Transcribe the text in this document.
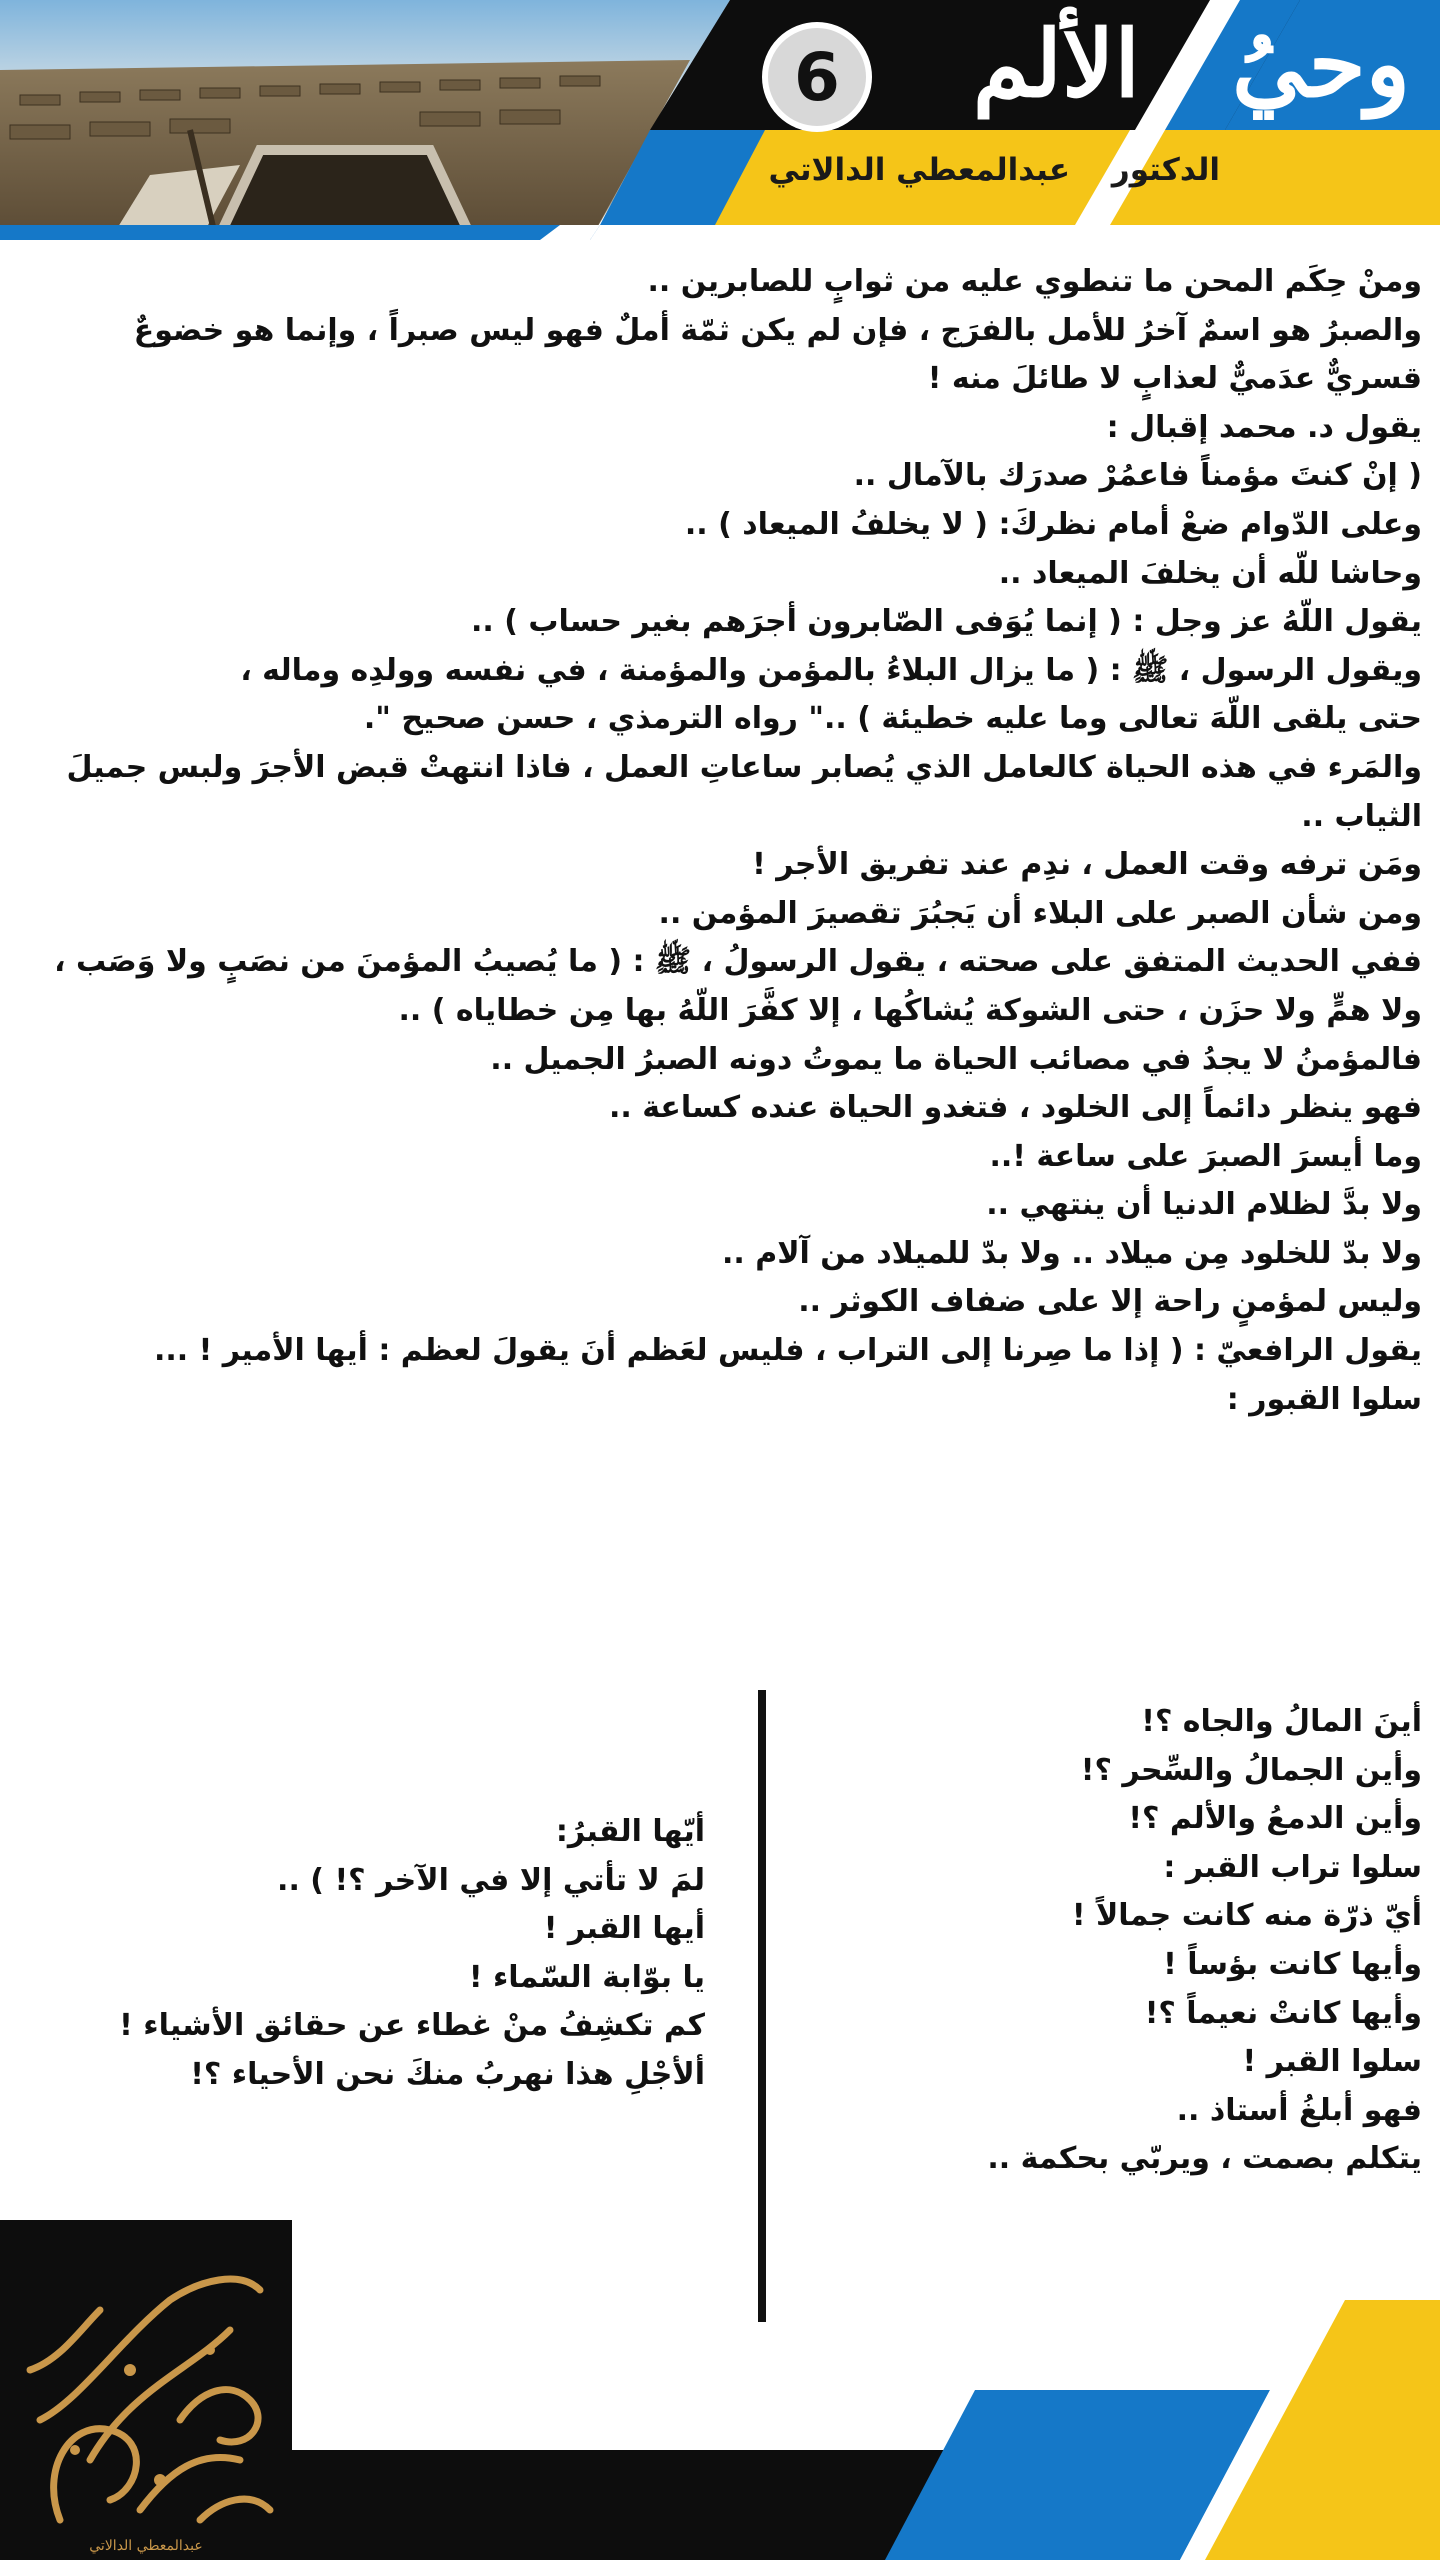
وحيُ
الألم
6
الدكتور
عبدالمعطي الدالاتي
ومنْ حِكَم المحن ما تنطوي عليه من ثوابٍ للصابرين ..
والصبرُ هو اسمٌ آخرُ للأمل بالفرَج ، فإن لم يكن ثمّة أملٌ فهو ليس صبراً ، وإنما هو خضوعٌ
قسريٌّ عدَميٌّ لعذابٍ لا طائلَ منه !
يقول د. محمد إقبال :
( إنْ كنتَ مؤمناً فاعمُرْ صدرَك بالآمال ..
وعلى الدّوام ضعْ أمام نظركَ: ( لا يخلفُ الميعاد ) ..
وحاشا للّه أن يخلفَ الميعاد ..
يقول اللّهُ عز وجل : ( إنما يُوَفى الصّابرون أجرَهم بغير حساب ) ..
ويقول الرسول ، ﷺ : ( ما يزال البلاءُ بالمؤمن والمؤمنة ، في نفسه وولدِه وماله ،
حتى يلقى اللّهَ تعالى وما عليه خطيئة ) .." رواه الترمذي ، حسن صحيح ".
والمَرء في هذه الحياة كالعامل الذي يُصابر ساعاتِ العمل ، فاذا انتهتْ قبض الأجرَ ولبس جميلَ
الثياب ..
ومَن ترفه وقت العمل ، ندِم عند تفريق الأجر !
ومن شأن الصبر على البلاء أن يَجبُرَ تقصيرَ المؤمن ..
ففي الحديث المتفق على صحته ، يقول الرسولُ ، ﷺ : ( ما يُصيبُ المؤمنَ من نصَبٍ ولا وَصَب ،
ولا همٍّ ولا حزَن ، حتى الشوكة يُشاكُها ، إلا كفَّرَ اللّهُ بها مِن خطاياه ) ..
فالمؤمنُ لا يجدُ في مصائب الحياة ما يموتُ دونه الصبرُ الجميل ..
فهو ينظر دائماً إلى الخلود ، فتغدو الحياة عنده كساعة ..
وما أيسرَ الصبرَ على ساعة !..
ولا بدَّ لظلام الدنيا أن ينتهي ..
ولا بدّ للخلود مِن ميلاد .. ولا بدّ للميلاد من آلام ..
وليس لمؤمنٍ راحة إلا على ضفاف الكوثر ..
يقول الرافعيّ : ( إذا ما صِرنا إلى التراب ، فليس لعَظم أنَ يقولَ لعظم : أيها الأمير ! ...
سلوا القبور :
أينَ المالُ والجاه ؟!
وأين الجمالُ والسِّحر ؟!
وأين الدمعُ والألم ؟!
سلوا تراب القبر :
أيّ ذرّة منه كانت جمالاً !
وأيها كانت بؤساً !
وأيها كانتْ نعيماً ؟!
سلوا القبر !
فهو أبلغُ أستاذ ..
يتكلم بصمت ، ويربّي بحكمة ..
أيّها القبرُ:
لمَ لا تأتي إلا في الآخر ؟! ) ..
أيها القبر !
يا بوّابة السّماء !
كم تكشِفُ منْ غطاء عن حقائق الأشياء !
ألأجْلِ هذا نهربُ منكَ نحن الأحياء ؟!
عبدالمعطي الدالاتي
